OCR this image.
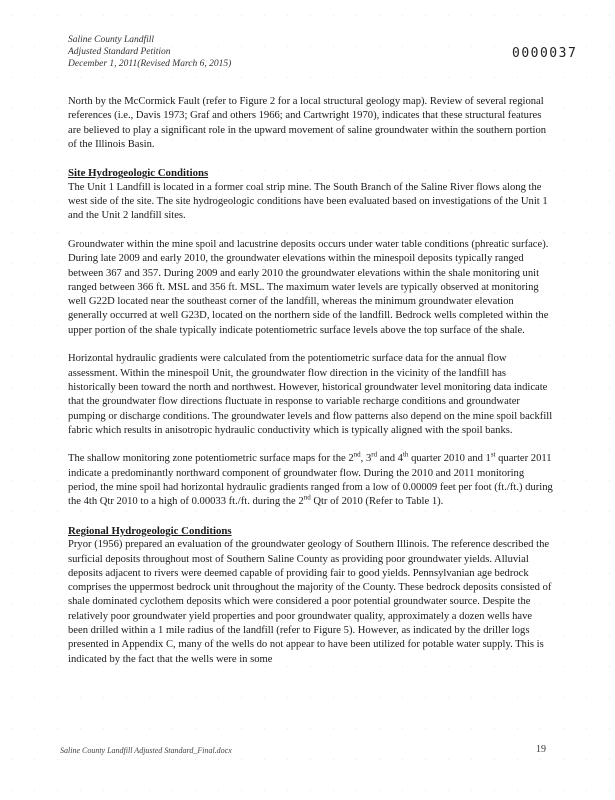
Saline County Landfill
Adjusted Standard Petition
December 1, 2011(Revised March 6, 2015)
0000037

North by the McCormick Fault (refer to Figure 2 for a local structural geology map). Review of several regional references (i.e., Davis 1973; Graf and others 1966; and Cartwright 1970), indicates that these structural features are believed to play a significant role in the upward movement of saline groundwater within the southern portion of the Illinois Basin.

Site Hydrogeologic Conditions

The Unit 1 Landfill is located in a former coal strip mine. The South Branch of the Saline River flows along the west side of the site. The site hydrogeologic conditions have been evaluated based on investigations of the Unit 1 and the Unit 2 landfill sites.

Groundwater within the mine spoil and lacustrine deposits occurs under water table conditions (phreatic surface). During late 2009 and early 2010, the groundwater elevations within the minespoil deposits typically ranged between 367 and 357. During 2009 and early 2010 the groundwater elevations within the shale monitoring unit ranged between 366 ft. MSL and 356 ft. MSL. The maximum water levels are typically observed at monitoring well G22D located near the southeast corner of the landfill, whereas the minimum groundwater elevation generally occurred at well G23D, located on the northern side of the landfill. Bedrock wells completed within the upper portion of the shale typically indicate potentiometric surface levels above the top surface of the shale.

Horizontal hydraulic gradients were calculated from the potentiometric surface data for the annual flow assessment. Within the minespoil Unit, the groundwater flow direction in the vicinity of the landfill has historically been toward the north and northwest. However, historical groundwater level monitoring data indicate that the groundwater flow directions fluctuate in response to variable recharge conditions and groundwater pumping or discharge conditions. The groundwater levels and flow patterns also depend on the mine spoil backfill fabric which results in anisotropic hydraulic conductivity which is typically aligned with the spoil banks.

The shallow monitoring zone potentiometric surface maps for the 2nd, 3rd and 4th quarter 2010 and 1st quarter 2011 indicate a predominantly northward component of groundwater flow. During the 2010 and 2011 monitoring period, the mine spoil had horizontal hydraulic gradients ranged from a low of 0.00009 feet per foot (ft./ft.) during the 4th Qtr 2010 to a high of 0.00033 ft./ft. during the 2nd Qtr of 2010 (Refer to Table 1).

Regional Hydrogeologic Conditions

Pryor (1956) prepared an evaluation of the groundwater geology of Southern Illinois. The reference described the surficial deposits throughout most of Southern Saline County as providing poor groundwater yields. Alluvial deposits adjacent to rivers were deemed capable of providing fair to good yields. Pennsylvanian age bedrock comprises the uppermost bedrock unit throughout the majority of the County. These bedrock deposits consisted of shale dominated cyclothem deposits which were considered a poor potential groundwater source. Despite the relatively poor groundwater yield properties and poor groundwater quality, approximately a dozen wells have been drilled within a 1 mile radius of the landfill (refer to Figure 5). However, as indicated by the driller logs presented in Appendix C, many of the wells do not appear to have been utilized for potable water supply. This is indicated by the fact that the wells were in some

Saline County Landfill Adjusted Standard_Final.docx	19
